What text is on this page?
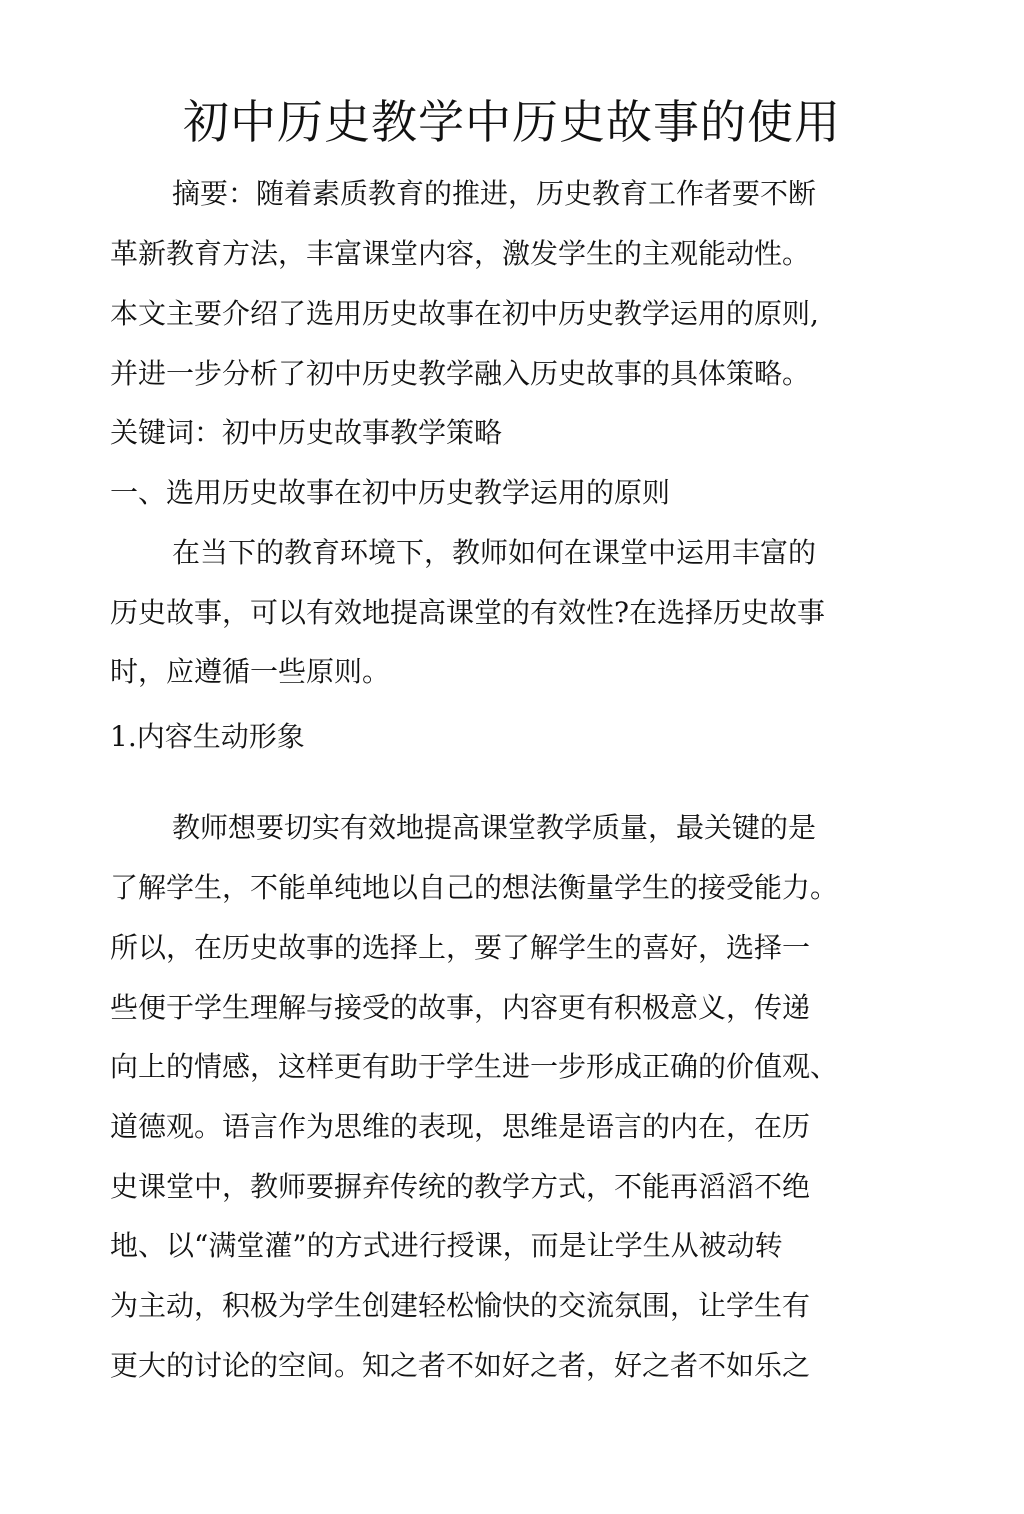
初中历史教学中历史故事的使用
摘要：随着素质教育的推进，历史教育工作者要不断
革新教育方法，丰富课堂内容，激发学生的主观能动性。
本文主要介绍了选用历史故事在初中历史教学运用的原则,
并进一步分析了初中历史教学融入历史故事的具体策略。
关键词：初中历史故事教学策略
一、选用历史故事在初中历史教学运用的原则
在当下的教育环境下，教师如何在课堂中运用丰富的
历史故事，可以有效地提高课堂的有效性?在选择历史故事
时，应遵循一些原则。
1.内容生动形象
教师想要切实有效地提高课堂教学质量，最关键的是
了解学生，不能单纯地以自己的想法衡量学生的接受能力。
所以，在历史故事的选择上，要了解学生的喜好，选择一
些便于学生理解与接受的故事，内容更有积极意义，传递
向上的情感，这样更有助于学生进一步形成正确的价值观、
道德观。语言作为思维的表现，思维是语言的内在，在历
史课堂中，教师要摒弃传统的教学方式，不能再滔滔不绝
地、以“满堂灌”的方式进行授课，而是让学生从被动转
为主动，积极为学生创建轻松愉快的交流氛围，让学生有
更大的讨论的空间。知之者不如好之者，好之者不如乐之
